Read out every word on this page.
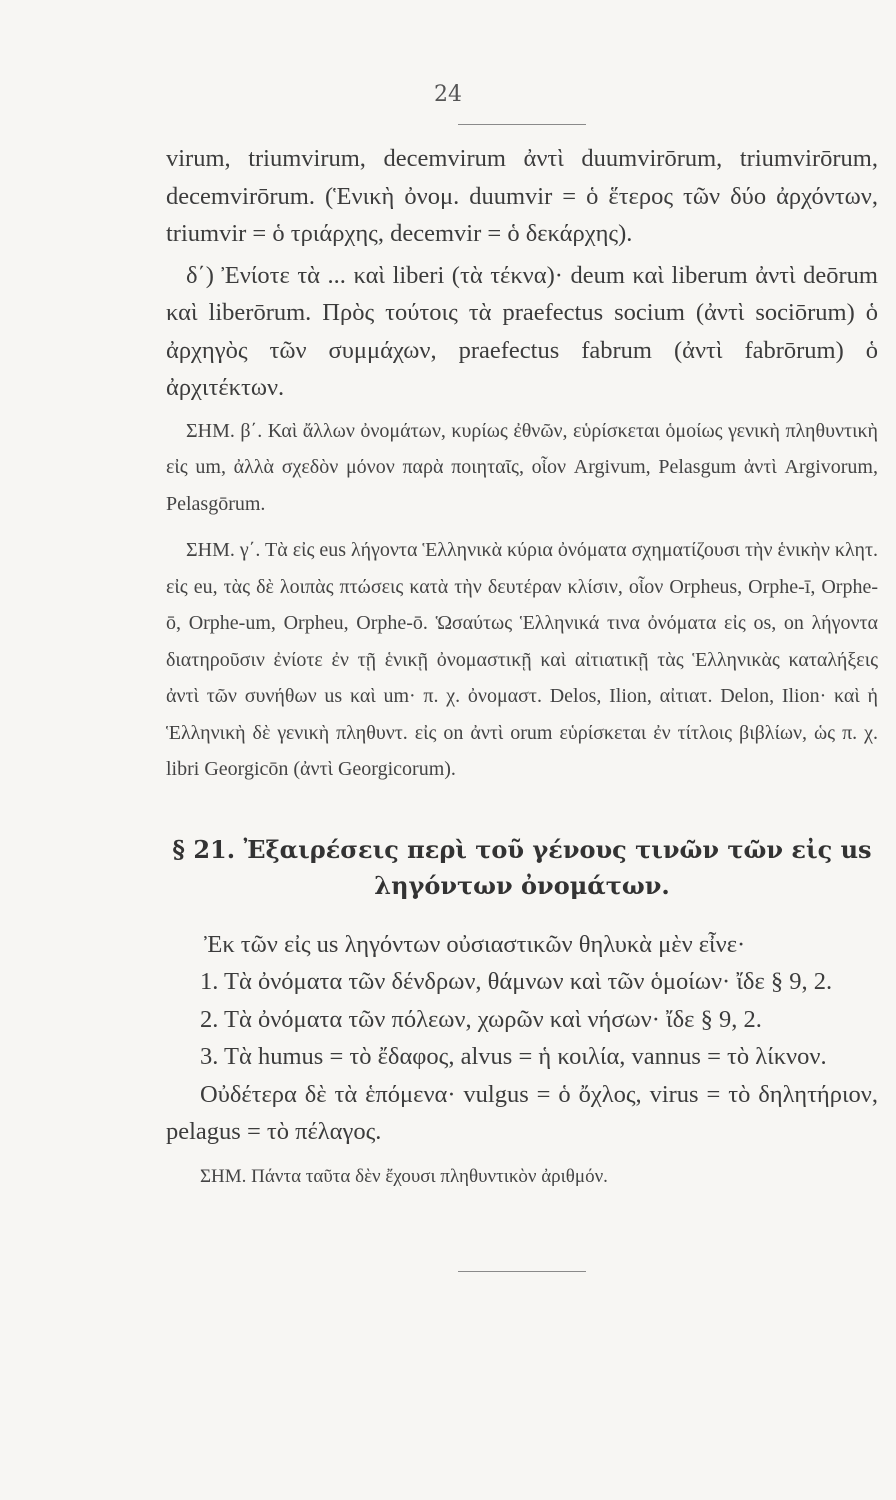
24

virum, triumvirum, decemvirum ἀντὶ duumvirōrum, triumvirōrum, decemvirōrum. (Ἑνικὴ ὀνομ. duumvir = ὁ ἕτερος τῶν δύο ἀρχόντων, triumvir = ὁ τριάρχης, decemvir = ὁ δεκάρχης).

δ΄) Ἐνίοτε τὰ ... καὶ liberi (τὰ τέκνα)· deum καὶ liberum ἀντὶ deōrum καὶ liberōrum. Πρὸς τούτοις τὰ praefectus socium (ἀντὶ sociōrum) ὁ ἀρχηγὸς τῶν συμμάχων, praefectus fabrum (ἀντὶ fabrōrum) ὁ ἀρχιτέκτων.

ΣΗΜ. β΄. Καὶ ἄλλων ὀνομάτων, κυρίως ἐθνῶν, εὑρίσκεται ὁμοίως γενικὴ πληθυντικὴ εἰς um, ἀλλὰ σχεδὸν μόνον παρὰ ποιηταῖς, οἷον Argivum, Pelasgum ἀντὶ Argivorum, Pelasgōrum.

ΣΗΜ. γ΄. Τὰ εἰς eus λήγοντα Ἑλληνικὰ κύρια ὀνόματα σχηματίζουσι τὴν ἑνικὴν κλητ. εἰς eu, τὰς δὲ λοιπὰς πτώσεις κατὰ τὴν δευτέραν κλίσιν, οἷον Orpheus, Orphe-ī, Orphe-ō, Orphe-um, Orpheu, Orphe-ō. Ὡσαύτως Ἑλληνικά τινα ὀνόματα εἰς os, on λήγοντα διατηροῦσιν ἐνίοτε ἐν τῇ ἑνικῇ ὀνομαστικῇ καὶ αἰτιατικῇ τὰς Ἑλληνικὰς καταλήξεις ἀντὶ τῶν συνήθων us καὶ um· π. χ. ὀνομαστ. Delos, Ilion, αἰτιατ. Delon, Ilion· καὶ ἡ Ἑλληνικὴ δὲ γενικὴ πληθυντ. εἰς on ἀντὶ orum εὑρίσκεται ἐν τίτλοις βιβλίων, ὡς π. χ. libri Georgicōn (ἀντὶ Georgicorum).

§ 21. Ἐξαιρέσεις περὶ τοῦ γένους τινῶν τῶν εἰς us ληγόντων ὀνομάτων.

Ἐκ τῶν εἰς us ληγόντων οὐσιαστικῶν θηλυκὰ μὲν εἶνε·

1. Τὰ ὀνόματα τῶν δένδρων, θάμνων καὶ τῶν ὁμοίων· ἴδε § 9, 2.

2. Τὰ ὀνόματα τῶν πόλεων, χωρῶν καὶ νήσων· ἴδε § 9, 2.

3. Τὰ humus = τὸ ἔδαφος, alvus = ἡ κοιλία, vannus = τὸ λίκνον.

Οὐδέτερα δὲ τὰ ἑπόμενα· vulgus = ὁ ὄχλος, virus = τὸ δηλητήριον, pelagus = τὸ πέλαγος.

ΣΗΜ. Πάντα ταῦτα δὲν ἔχουσι πληθυντικὸν ἀριθμόν.
